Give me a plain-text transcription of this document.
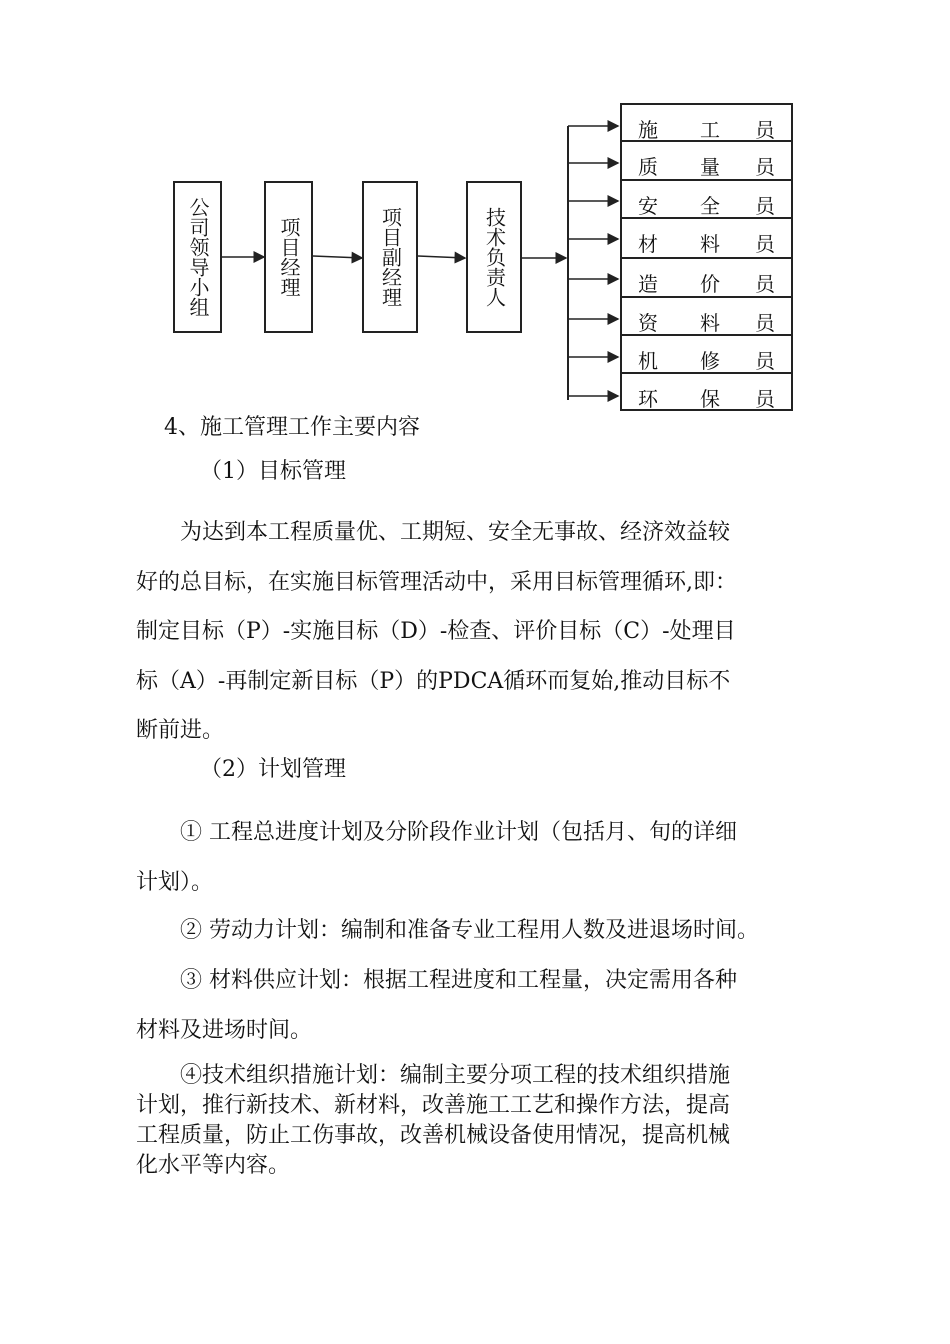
公司领导小组	项目经理	项目副经理	技术负责人
施 工 员
质 量 员
安 全 员
材 料 员
造 价 员
资 料 员
机 修 员
环 保 员
4、施工管理工作主要内容
（1）目标管理
　　为达到本工程质量优、工期短、安全无事故、经济效益较
好的总目标，在实施目标管理活动中，采用目标管理循环,即：
制定目标（P）-实施目标（D）-检查、评价目标（C）-处理目
标（A）-再制定新目标（P）的PDCA循环而复始,推动目标不
断前进。
（2）计划管理
　　① 工程总进度计划及分阶段作业计划（包括月、旬的详细
计划）。
　　② 劳动力计划：编制和准备专业工程用人数及进退场时间。
　　③ 材料供应计划：根据工程进度和工程量，决定需用各种
材料及进场时间。
　　④技术组织措施计划：编制主要分项工程的技术组织措施
计划，推行新技术、新材料，改善施工工艺和操作方法，提高
工程质量，防止工伤事故，改善机械设备使用情况，提高机械
化水平等内容。
